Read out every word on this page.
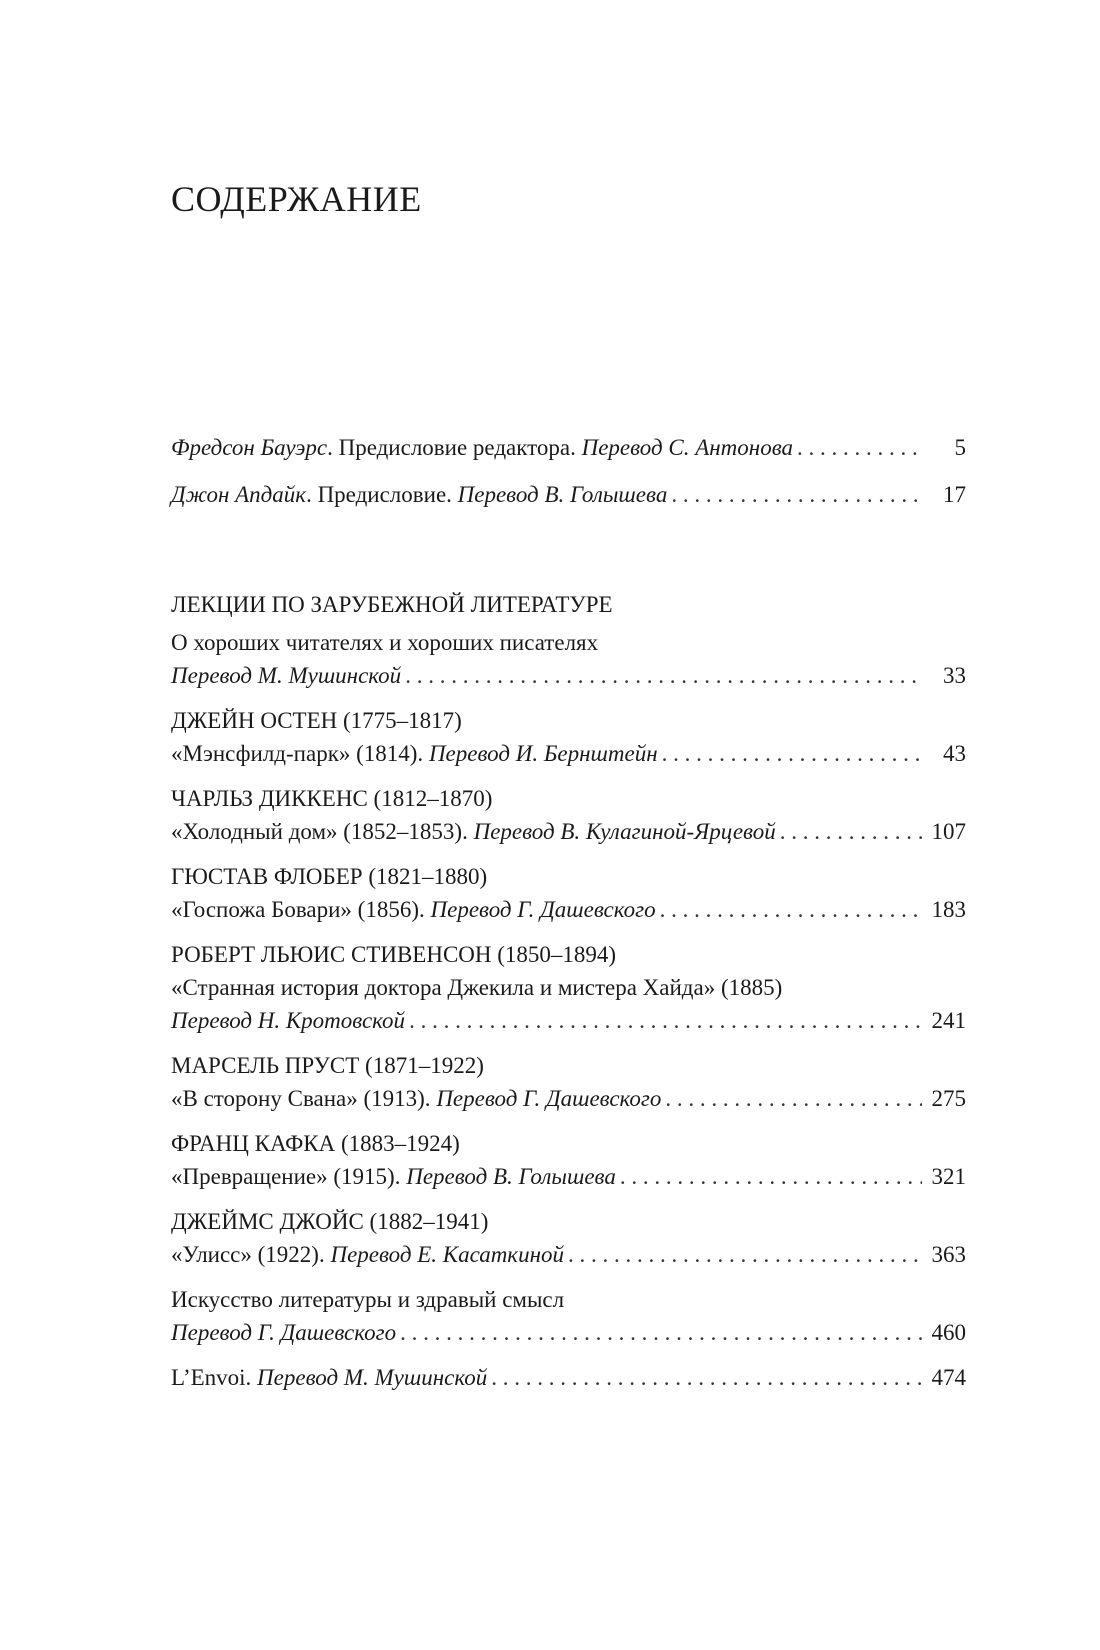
СОДЕРЖАНИЕ
Фредсон Бауэрс. Предисловие редактора. Перевод С. Антонова . . .	5
Джон Апдайк. Предисловие. Перевод В. Голышева . . .	17
ЛЕКЦИИ ПО ЗАРУБЕЖНОЙ ЛИТЕРАТУРЕ
О хороших читателях и хороших писателях
Перевод М. Мушинской . . .	33
ДЖЕЙН ОСТЕН (1775–1817)
«Мэнсфилд-парк» (1814). Перевод И. Бернштейн . . .	43
ЧАРЛЬЗ ДИККЕНС (1812–1870)
«Холодный дом» (1852–1853). Перевод В. Кулагиной-Ярцевой . . .	107
ГЮСТАВ ФЛОБЕР (1821–1880)
«Госпожа Бовари» (1856). Перевод Г. Дашевского . . .	183
РОБЕРТ ЛЬЮИС СТИВЕНСОН (1850–1894)
«Странная история доктора Джекила и мистера Хайда» (1885)
Перевод Н. Кротовской . . .	241
МАРСЕЛЬ ПРУСТ (1871–1922)
«В сторону Свана» (1913). Перевод Г. Дашевского . . .	275
ФРАНЦ КАФКА (1883–1924)
«Превращение» (1915). Перевод В. Голышева . . .	321
ДЖЕЙМС ДЖОЙС (1882–1941)
«Улисс» (1922). Перевод Е. Касаткиной . . .	363
Искусство литературы и здравый смысл
Перевод Г. Дашевского . . .	460
L’Envoi. Перевод М. Мушинской . . .	474
